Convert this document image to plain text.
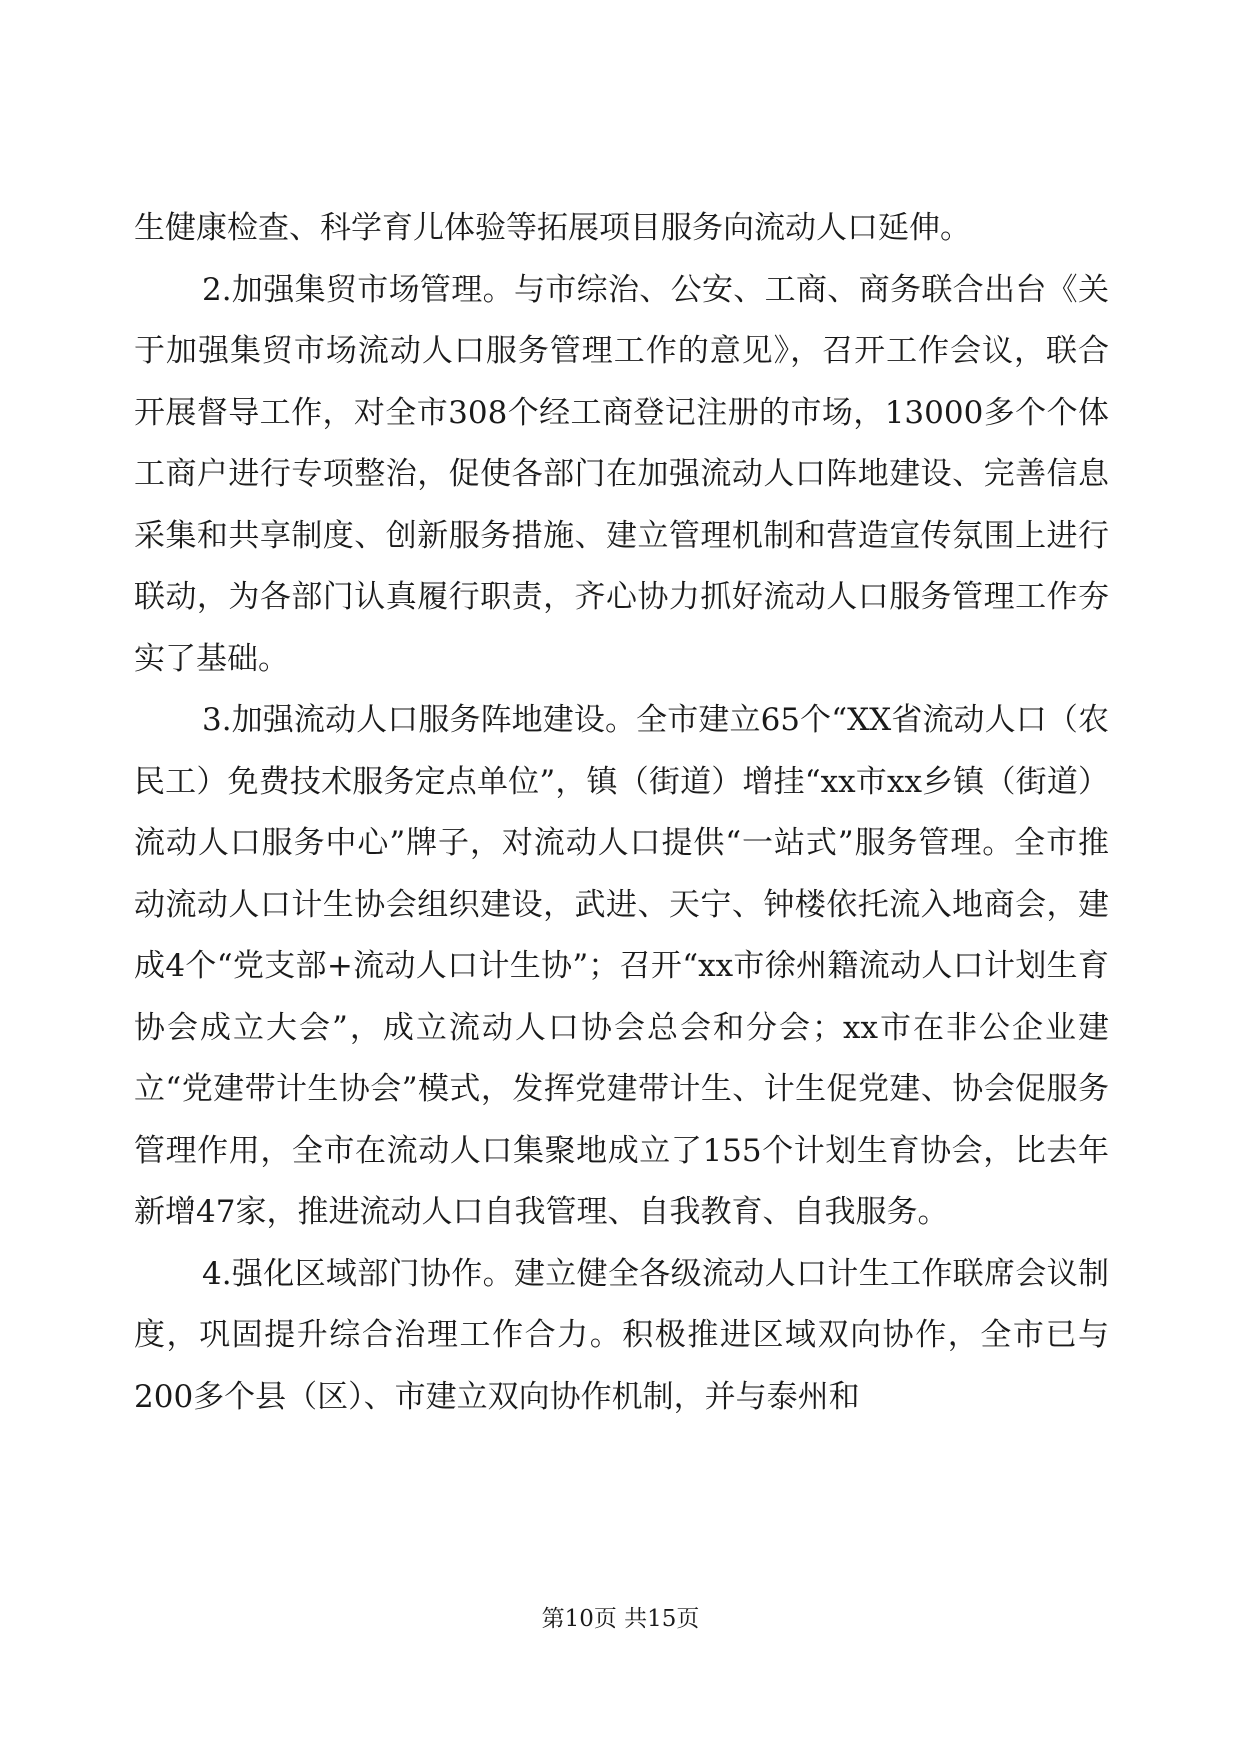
生健康检查、科学育儿体验等拓展项目服务向流动人口延伸。

2.加强集贸市场管理。与市综治、公安、工商、商务联合出台《关于加强集贸市场流动人口服务管理工作的意见》，召开工作会议，联合开展督导工作，对全市308个经工商登记注册的市场，13000多个个体工商户进行专项整治，促使各部门在加强流动人口阵地建设、完善信息采集和共享制度、创新服务措施、建立管理机制和营造宣传氛围上进行联动，为各部门认真履行职责，齐心协力抓好流动人口服务管理工作夯实了基础。

3.加强流动人口服务阵地建设。全市建立65个“XX省流动人口（农民工）免费技术服务定点单位”，镇（街道）增挂“xx市xx乡镇（街道）流动人口服务中心”牌子，对流动人口提供“一站式”服务管理。全市推动流动人口计生协会组织建设，武进、天宁、钟楼依托流入地商会，建成4个“党支部+流动人口计生协”；召开“xx市徐州籍流动人口计划生育协会成立大会”，成立流动人口协会总会和分会；xx市在非公企业建立“党建带计生协会”模式，发挥党建带计生、计生促党建、协会促服务管理作用，全市在流动人口集聚地成立了155个计划生育协会，比去年新增47家，推进流动人口自我管理、自我教育、自我服务。

4.强化区域部门协作。建立健全各级流动人口计生工作联席会议制度，巩固提升综合治理工作合力。积极推进区域双向协作，全市已与200多个县（区）、市建立双向协作机制，并与泰州和

第10页 共15页
